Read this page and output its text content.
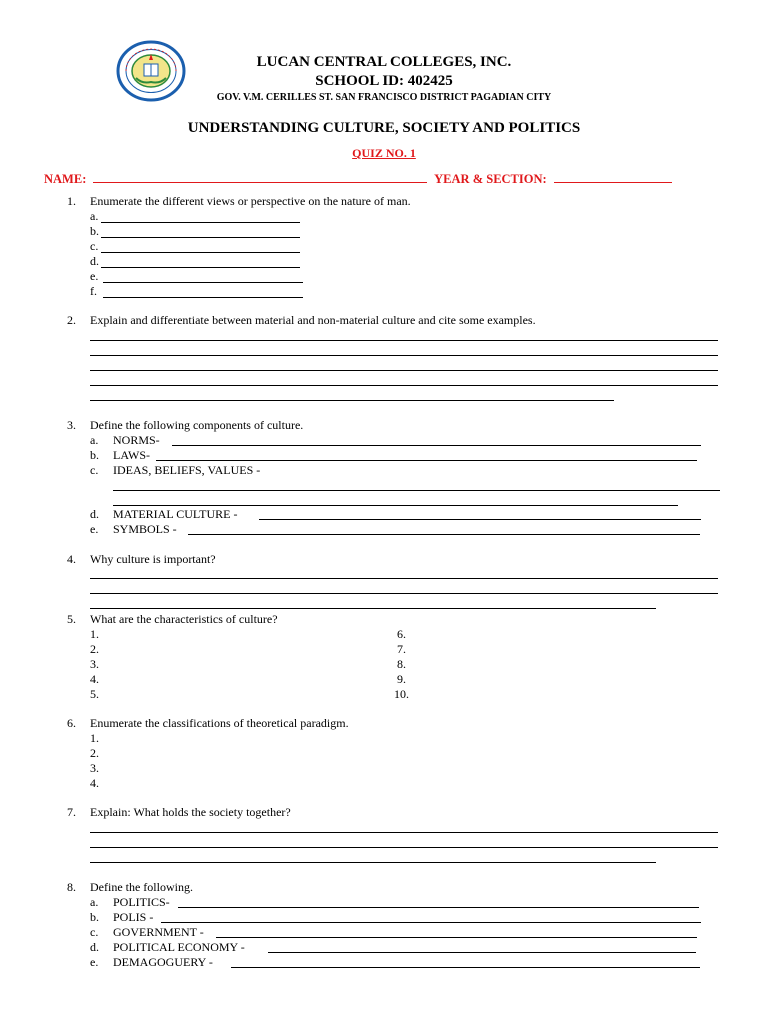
LUCAN CENTRAL COLLEGES, INC.
SCHOOL ID: 402425
GOV. V.M. CERILLES ST. SAN FRANCISCO DISTRICT PAGADIAN CITY
UNDERSTANDING CULTURE, SOCIETY AND POLITICS
QUIZ NO. 1
NAME:	YEAR & SECTION:
1. Enumerate the different views or perspective on the nature of man.
a.
b.
c.
d.
e.
f.
2. Explain and differentiate between material and non-material culture and cite some examples.
3. Define the following components of culture.
a. NORMS-
b. LAWS-
c. IDEAS, BELIEFS, VALUES -
d. MATERIAL CULTURE -
e. SYMBOLS -
4. Why culture is important?
5. What are the characteristics of culture?
1.
2.
3.
4.
5.
6.
7.
8.
9.
10.
6. Enumerate the classifications of theoretical paradigm.
1.
2.
3.
4.
7. Explain: What holds the society together?
8. Define the following.
a. POLITICS-
b. POLIS -
c. GOVERNMENT -
d. POLITICAL ECONOMY -
e. DEMAGOGUERY -
